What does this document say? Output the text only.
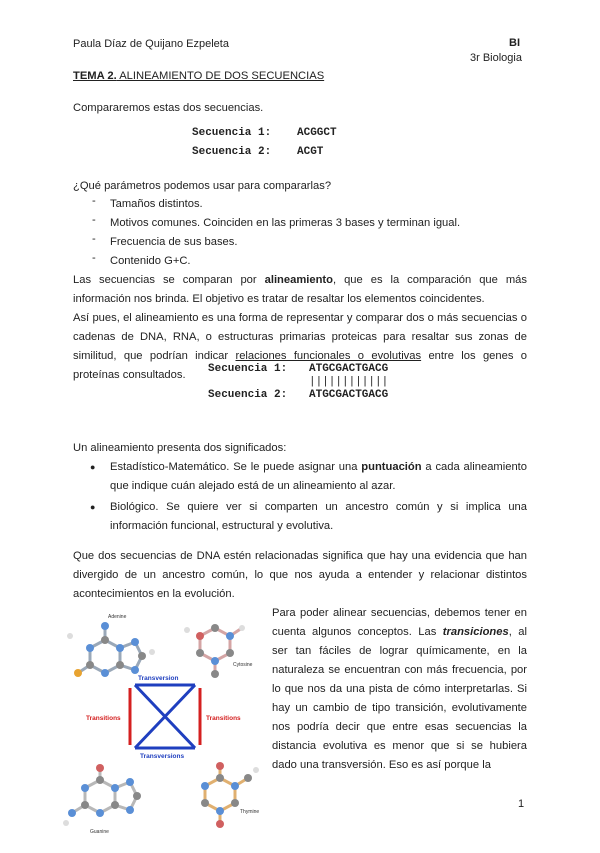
Paula Díaz de Quijano Ezpeleta	BI
3r Biologia
TEMA 2. ALINEAMIENTO DE DOS SECUENCIAS
Compararemos estas dos secuencias.
Secuencia 1: ACGGCT
Secuencia 2: ACGT
¿Qué parámetros podemos usar para compararlas?
- Tamaños distintos.
- Motivos comunes. Coinciden en las primeras 3 bases y terminan igual.
- Frecuencia de sus bases.
- Contenido G+C.
Las secuencias se comparan por alineamiento, que es la comparación que más información nos brinda. El objetivo es tratar de resaltar los elementos coincidentes.
Así pues, el alineamiento es una forma de representar y comparar dos o más secuencias o cadenas de DNA, RNA, o estructuras primarias proteicas para resaltar sus zonas de similitud, que podrían indicar relaciones funcionales o evolutivas entre los genes o proteínas consultados.	Secuencia 1: ATGCGACTGACG
||||||||||||
Secuencia 2: ATGCGACTGACG
Un alineamiento presenta dos significados:
● Estadístico-Matemático. Se le puede asignar una puntuación a cada alineamiento que indique cuán alejado está de un alineamiento al azar.
● Biológico. Se quiere ver si comparten un ancestro común y si implica una información funcional, estructural y evolutiva.
Que dos secuencias de DNA estén relacionadas significa que hay una evidencia que han divergido de un ancestro común, lo que nos ayuda a entender y relacionar distintos acontecimientos en la evolución.
Para poder alinear secuencias, debemos tener en cuenta algunos conceptos. Las transiciones, al ser tan fáciles de lograr químicamente, en la naturaleza se encuentran con más frecuencia, por lo que nos da una pista de cómo interpretarlas. Si hay un cambio de tipo transición, evolutivamente nos podría decir que entre esas secuencias la distancia evolutiva es menor que si se hubiera dado una transversión. Eso es así porque la
Adenine
Cytosine
Transversion
Transitions	Transitions
Transversions
Guanine
Thymine
1
